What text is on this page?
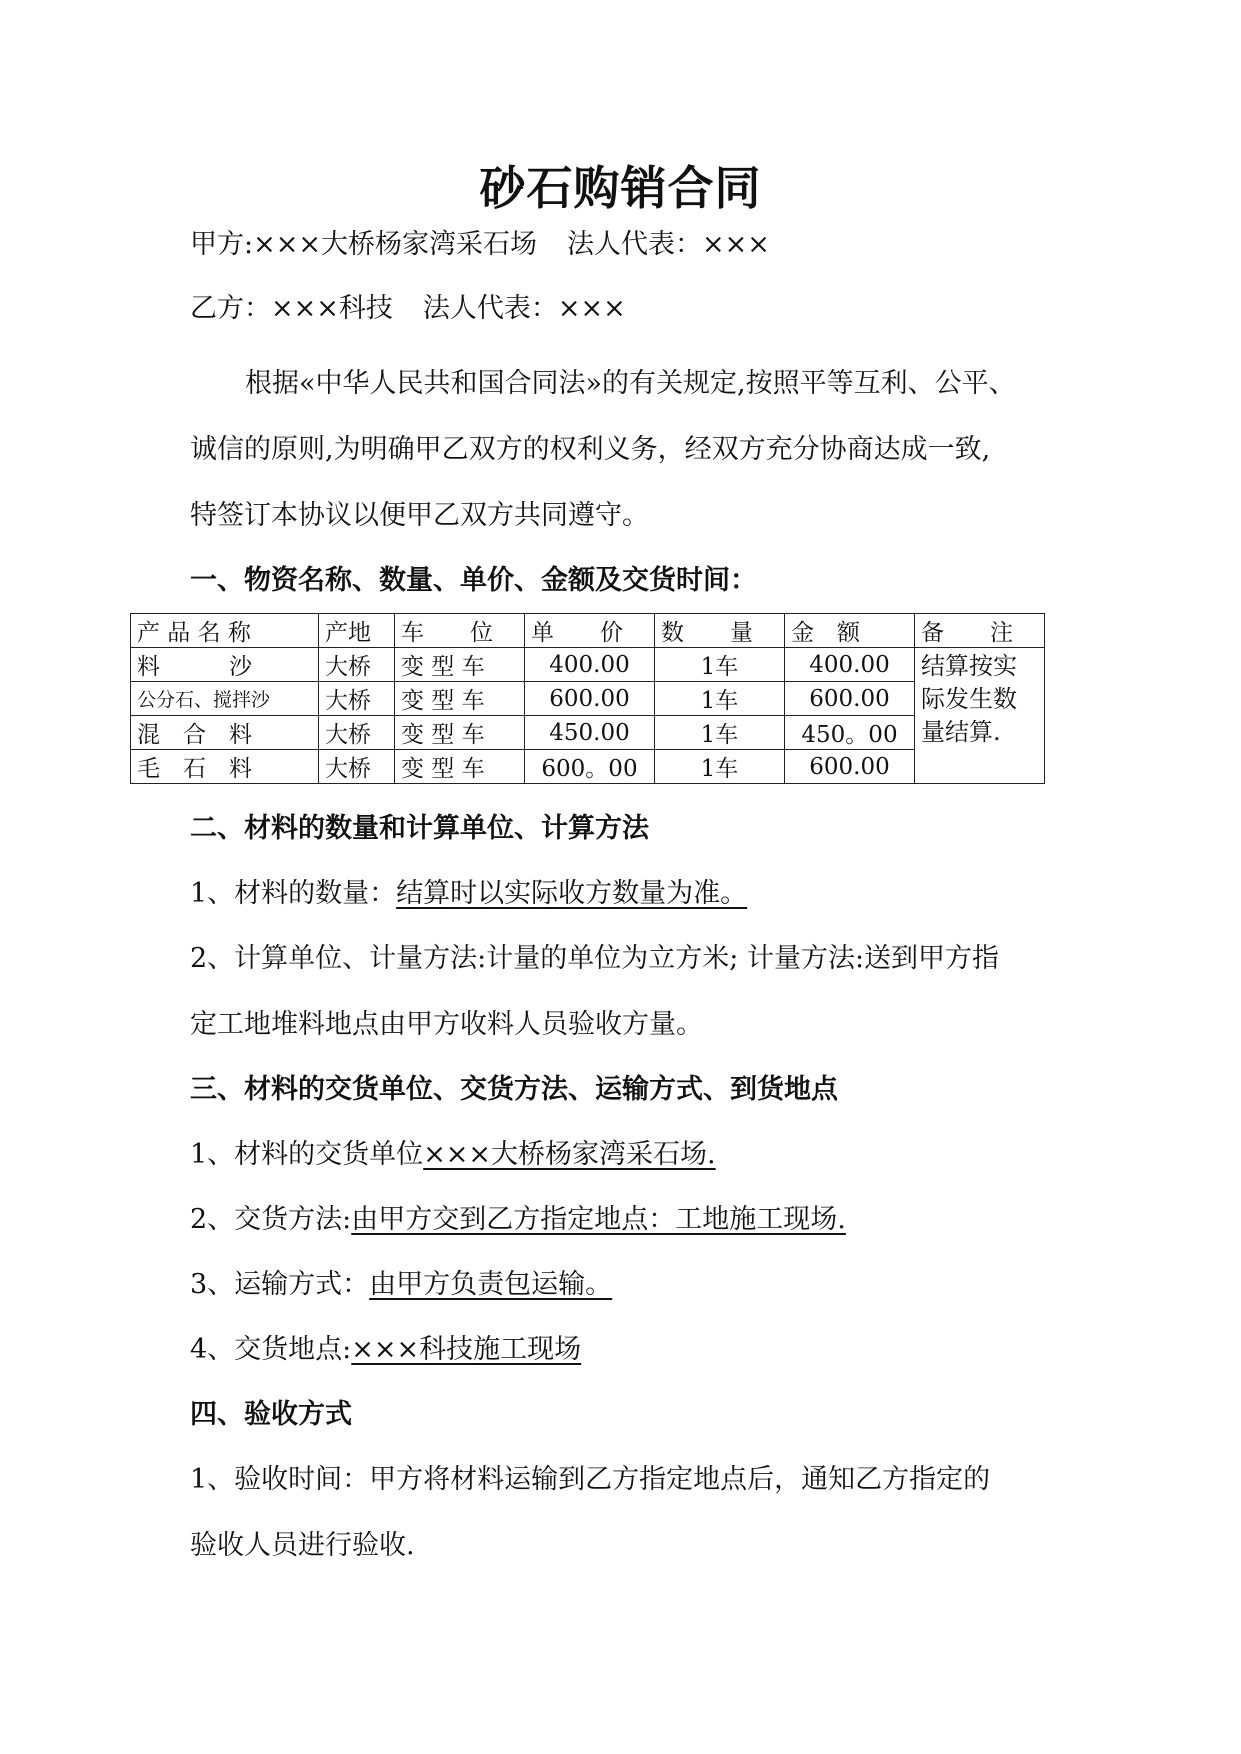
砂石购销合同

甲方:×××大桥杨家湾采石场 法人代表：×××

乙方：×××科技 法人代表：×××

根据«中华人民共和国合同法»的有关规定,按照平等互利、公平、

诚信的原则,为明确甲乙双方的权利义务，经双方充分协商达成一致,

特签订本协议以便甲乙双方共同遵守。

一、物资名称、数量、单价、金额及交货时间：

产 品 名 称	产地	车　　位	单　　价	数　　量	金　额	备　　注
料　　　沙	大桥	变 型 车	400.00	1车	400.00	结算按实际发生数量结算.
公分石、搅拌沙	大桥	变 型 车	600.00	1车	600.00	
混　合　料	大桥	变 型 车	450.00	1车	450。00	
毛　石　料	大桥	变 型 车	600。00	1车	600.00	

二、材料的数量和计算单位、计算方法

1、材料的数量：结算时以实际收方数量为准。

2、计算单位、计量方法:计量的单位为立方米; 计量方法:送到甲方指

定工地堆料地点由甲方收料人员验收方量。

三、材料的交货单位、交货方法、运输方式、到货地点

1、材料的交货单位×××大桥杨家湾采石场.

2、交货方法:由甲方交到乙方指定地点：工地施工现场.

3、运输方式：由甲方负责包运输。

4、交货地点:×××科技施工现场

四、验收方式

1、验收时间：甲方将材料运输到乙方指定地点后，通知乙方指定的

验收人员进行验收.
